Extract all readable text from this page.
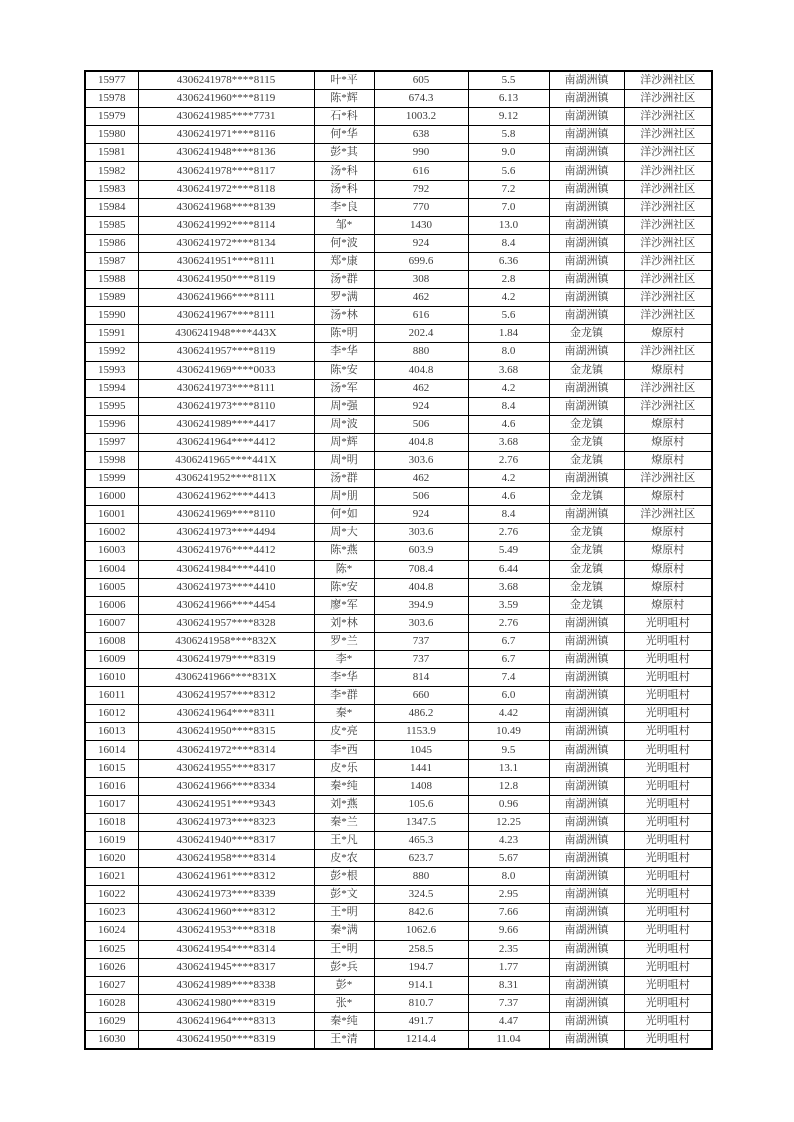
15977	4306241978****8115	叶*平	605	5.5	南湖洲镇	洋沙洲社区
15978	4306241960****8119	陈*辉	674.3	6.13	南湖洲镇	洋沙洲社区
15979	4306241985****7731	石*科	1003.2	9.12	南湖洲镇	洋沙洲社区
15980	4306241971****8116	何*华	638	5.8	南湖洲镇	洋沙洲社区
15981	4306241948****8136	彭*其	990	9.0	南湖洲镇	洋沙洲社区
15982	4306241978****8117	汤*科	616	5.6	南湖洲镇	洋沙洲社区
15983	4306241972****8118	汤*科	792	7.2	南湖洲镇	洋沙洲社区
15984	4306241968****8139	李*良	770	7.0	南湖洲镇	洋沙洲社区
15985	4306241992****8114	邹*	1430	13.0	南湖洲镇	洋沙洲社区
15986	4306241972****8134	何*波	924	8.4	南湖洲镇	洋沙洲社区
15987	4306241951****8111	郑*康	699.6	6.36	南湖洲镇	洋沙洲社区
15988	4306241950****8119	汤*群	308	2.8	南湖洲镇	洋沙洲社区
15989	4306241966****8111	罗*满	462	4.2	南湖洲镇	洋沙洲社区
15990	4306241967****8111	汤*林	616	5.6	南湖洲镇	洋沙洲社区
15991	4306241948****443X	陈*明	202.4	1.84	金龙镇	燎原村
15992	4306241957****8119	李*华	880	8.0	南湖洲镇	洋沙洲社区
15993	4306241969****0033	陈*安	404.8	3.68	金龙镇	燎原村
15994	4306241973****8111	汤*军	462	4.2	南湖洲镇	洋沙洲社区
15995	4306241973****8110	周*强	924	8.4	南湖洲镇	洋沙洲社区
15996	4306241989****4417	周*波	506	4.6	金龙镇	燎原村
15997	4306241964****4412	周*辉	404.8	3.68	金龙镇	燎原村
15998	4306241965****441X	周*明	303.6	2.76	金龙镇	燎原村
15999	4306241952****811X	汤*群	462	4.2	南湖洲镇	洋沙洲社区
16000	4306241962****4413	周*朋	506	4.6	金龙镇	燎原村
16001	4306241969****8110	何*如	924	8.4	南湖洲镇	洋沙洲社区
16002	4306241973****4494	周*大	303.6	2.76	金龙镇	燎原村
16003	4306241976****4412	陈*燕	603.9	5.49	金龙镇	燎原村
16004	4306241984****4410	陈*	708.4	6.44	金龙镇	燎原村
16005	4306241973****4410	陈*安	404.8	3.68	金龙镇	燎原村
16006	4306241966****4454	廖*军	394.9	3.59	金龙镇	燎原村
16007	4306241957****8328	刘*林	303.6	2.76	南湖洲镇	光明咀村
16008	4306241958****832X	罗*兰	737	6.7	南湖洲镇	光明咀村
16009	4306241979****8319	李*	737	6.7	南湖洲镇	光明咀村
16010	4306241966****831X	李*华	814	7.4	南湖洲镇	光明咀村
16011	4306241957****8312	李*群	660	6.0	南湖洲镇	光明咀村
16012	4306241964****8311	秦*	486.2	4.42	南湖洲镇	光明咀村
16013	4306241950****8315	皮*亮	1153.9	10.49	南湖洲镇	光明咀村
16014	4306241972****8314	李*西	1045	9.5	南湖洲镇	光明咀村
16015	4306241955****8317	皮*乐	1441	13.1	南湖洲镇	光明咀村
16016	4306241966****8334	秦*纯	1408	12.8	南湖洲镇	光明咀村
16017	4306241951****9343	刘*燕	105.6	0.96	南湖洲镇	光明咀村
16018	4306241973****8323	秦*兰	1347.5	12.25	南湖洲镇	光明咀村
16019	4306241940****8317	王*凡	465.3	4.23	南湖洲镇	光明咀村
16020	4306241958****8314	皮*农	623.7	5.67	南湖洲镇	光明咀村
16021	4306241961****8312	彭*根	880	8.0	南湖洲镇	光明咀村
16022	4306241973****8339	彭*文	324.5	2.95	南湖洲镇	光明咀村
16023	4306241960****8312	王*明	842.6	7.66	南湖洲镇	光明咀村
16024	4306241953****8318	秦*满	1062.6	9.66	南湖洲镇	光明咀村
16025	4306241954****8314	王*明	258.5	2.35	南湖洲镇	光明咀村
16026	4306241945****8317	彭*兵	194.7	1.77	南湖洲镇	光明咀村
16027	4306241989****8338	彭*	914.1	8.31	南湖洲镇	光明咀村
16028	4306241980****8319	张*	810.7	7.37	南湖洲镇	光明咀村
16029	4306241964****8313	秦*纯	491.7	4.47	南湖洲镇	光明咀村
16030	4306241950****8319	王*清	1214.4	11.04	南湖洲镇	光明咀村
